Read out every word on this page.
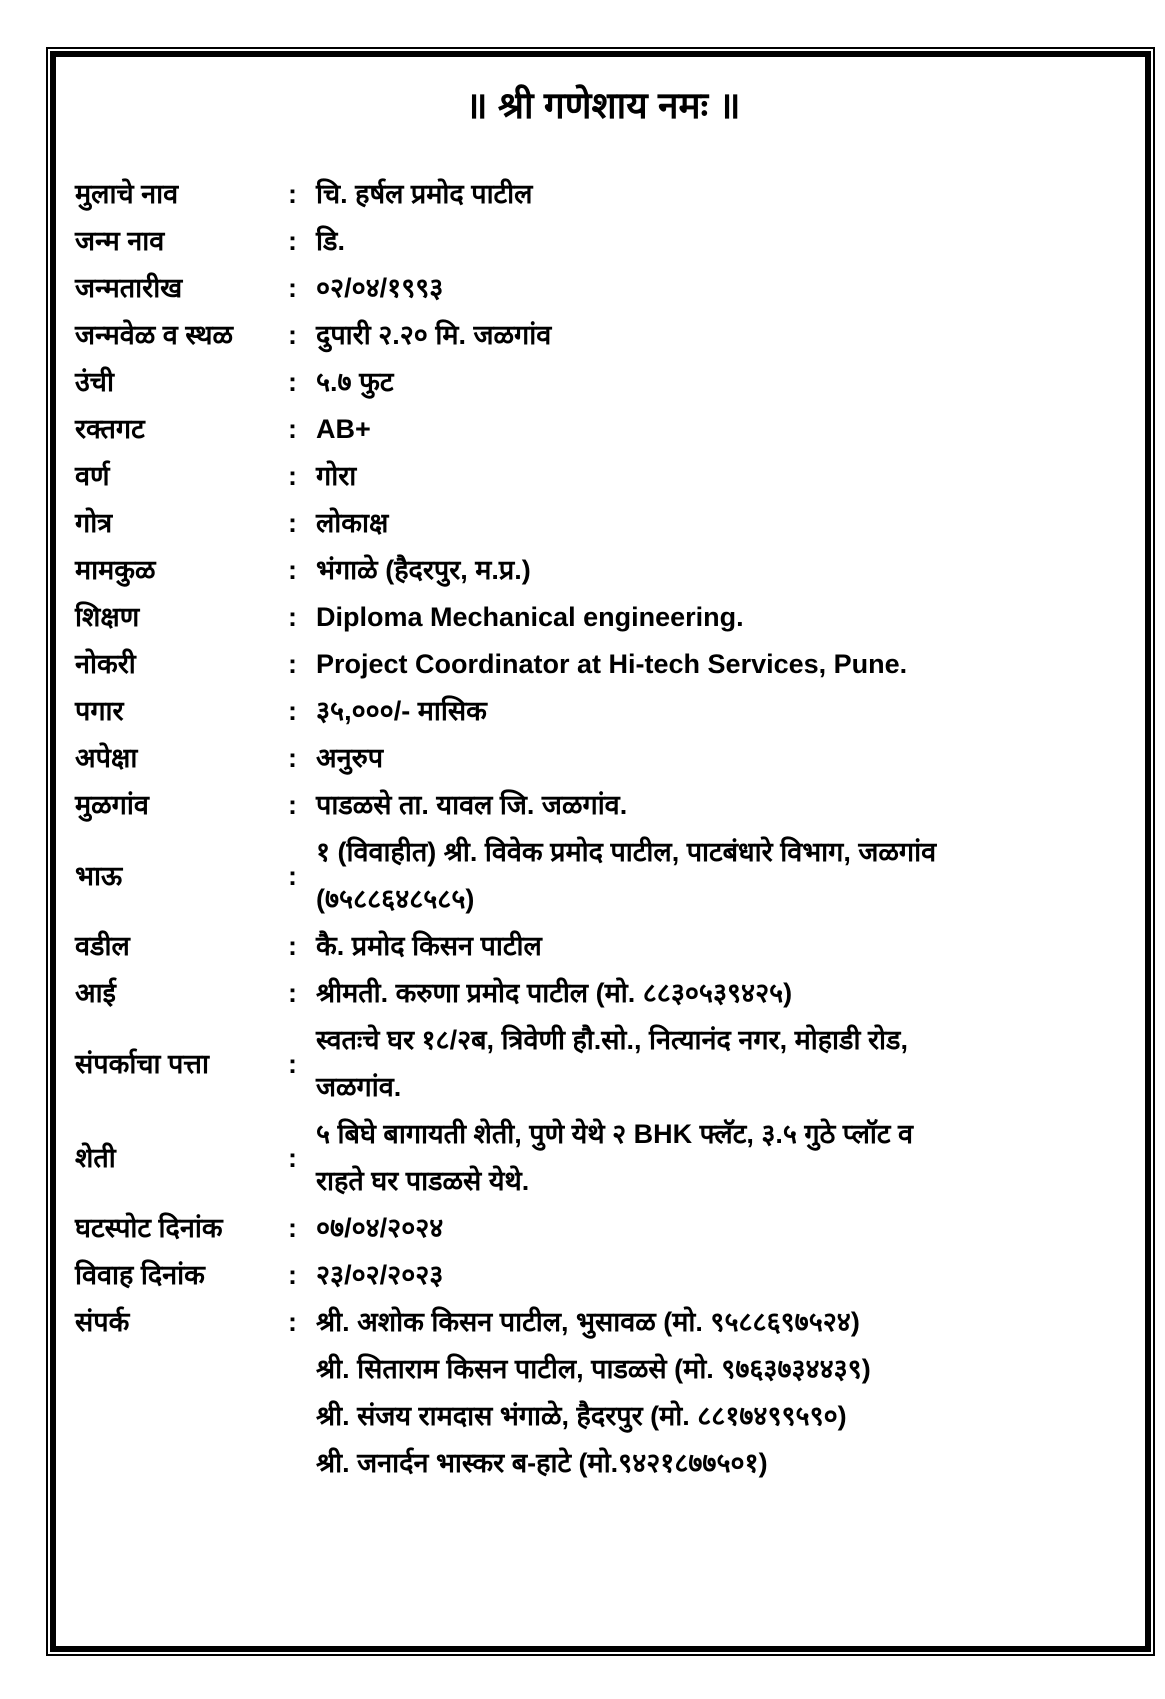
॥ श्री गणेशाय नमः ॥
मुलाचे नाव	: चि. हर्षल प्रमोद पाटील
जन्म नाव	: डि.
जन्मतारीख	: ०२/०४/१९९३
जन्मवेळ व स्थळ	: दुपारी २.२० मि. जळगांव
उंची	: ५.७ फुट
रक्तगट	: AB+
वर्ण	: गोरा
गोत्र	: लोकाक्ष
मामकुळ	: भंगाळे (हैदरपुर, म.प्र.)
शिक्षण	: Diploma Mechanical engineering.
नोकरी	: Project Coordinator at Hi-tech Services, Pune.
पगार	: ३५,०००/- मासिक
अपेक्षा	: अनुरुप
मुळगांव	: पाडळसे ता. यावल जि. जळगांव.
भाऊ	:
१ (विवाहीत) श्री. विवेक प्रमोद पाटील, पाटबंधारे विभाग, जळगांव
(७५८८६४८५८५)
वडील	: कै. प्रमोद किसन पाटील
आई	: श्रीमती. करुणा प्रमोद पाटील (मो. ८८३०५३९४२५)
संपर्काचा पत्ता	:
स्वतःचे घर १८/२ब, त्रिवेणी हौ.सो., नित्यानंद नगर, मोहाडी रोड,
जळगांव.
शेती	:
५ बिघे बागायती शेती, पुणे येथे २ BHK फ्लॅट, ३.५ गुठे प्लॉट व
राहते घर पाडळसे येथे.
घटस्पोट दिनांक	: ०७/०४/२०२४
विवाह दिनांक	: २३/०२/२०२३
संपर्क	: श्री. अशोक किसन पाटील, भुसावळ (मो. ९५८८६९७५२४)
श्री. सिताराम किसन पाटील, पाडळसे (मो. ९७६३७३४४३९)
श्री. संजय रामदास भंगाळे, हैदरपुर (मो. ८८१७४९९५९०)
श्री. जनार्दन भास्कर ब-हाटे (मो.९४२१८७७५०१)
